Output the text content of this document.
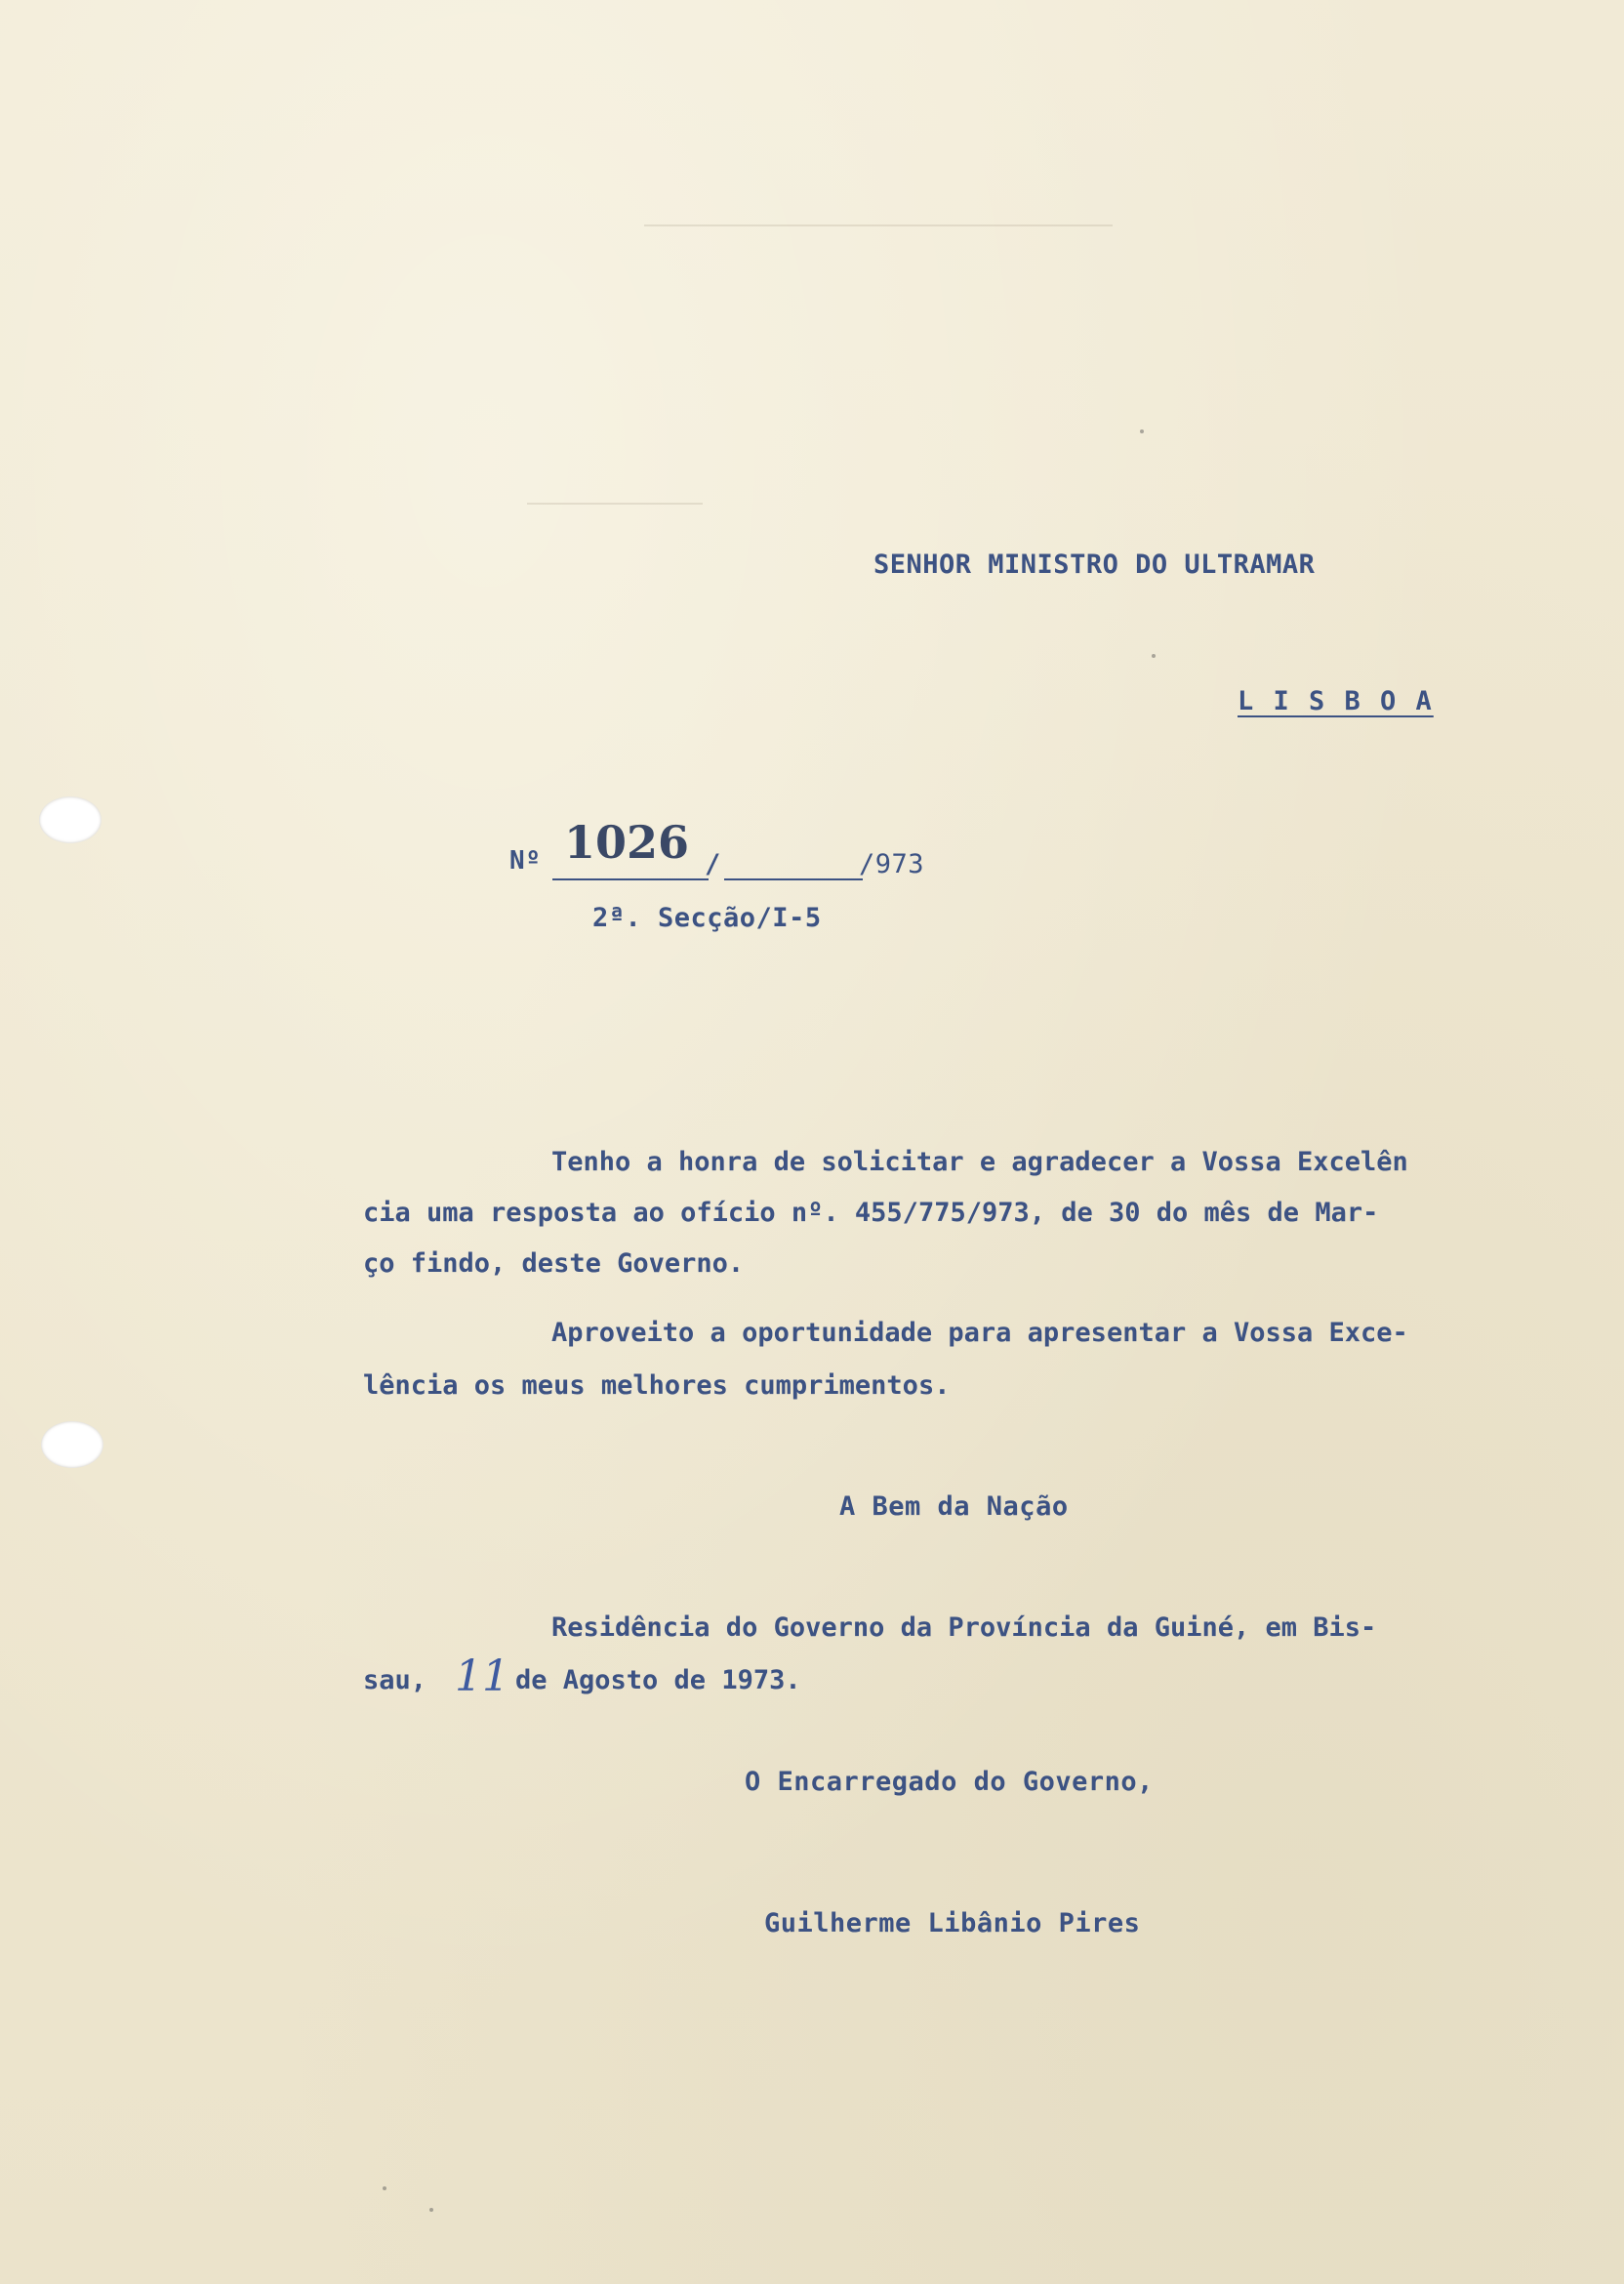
SENHOR MINISTRO DO ULTRAMAR

L I S B O A

Nº 1026 /	/973

2ª. Secção/I-5

Tenho a honra de solicitar e agradecer a Vossa Excelên

cia uma resposta ao ofício nº. 455/775/973, de 30 do mês de Mar-

ço findo, deste Governo.

Aproveito a oportunidade para apresentar a Vossa Exce-

lência os meus melhores cumprimentos.

A Bem da Nação

Residência do Governo da Província da Guiné, em Bis-

sau, 11 de Agosto de 1973.

O Encarregado do Governo,

Guilherme Libânio Pires
